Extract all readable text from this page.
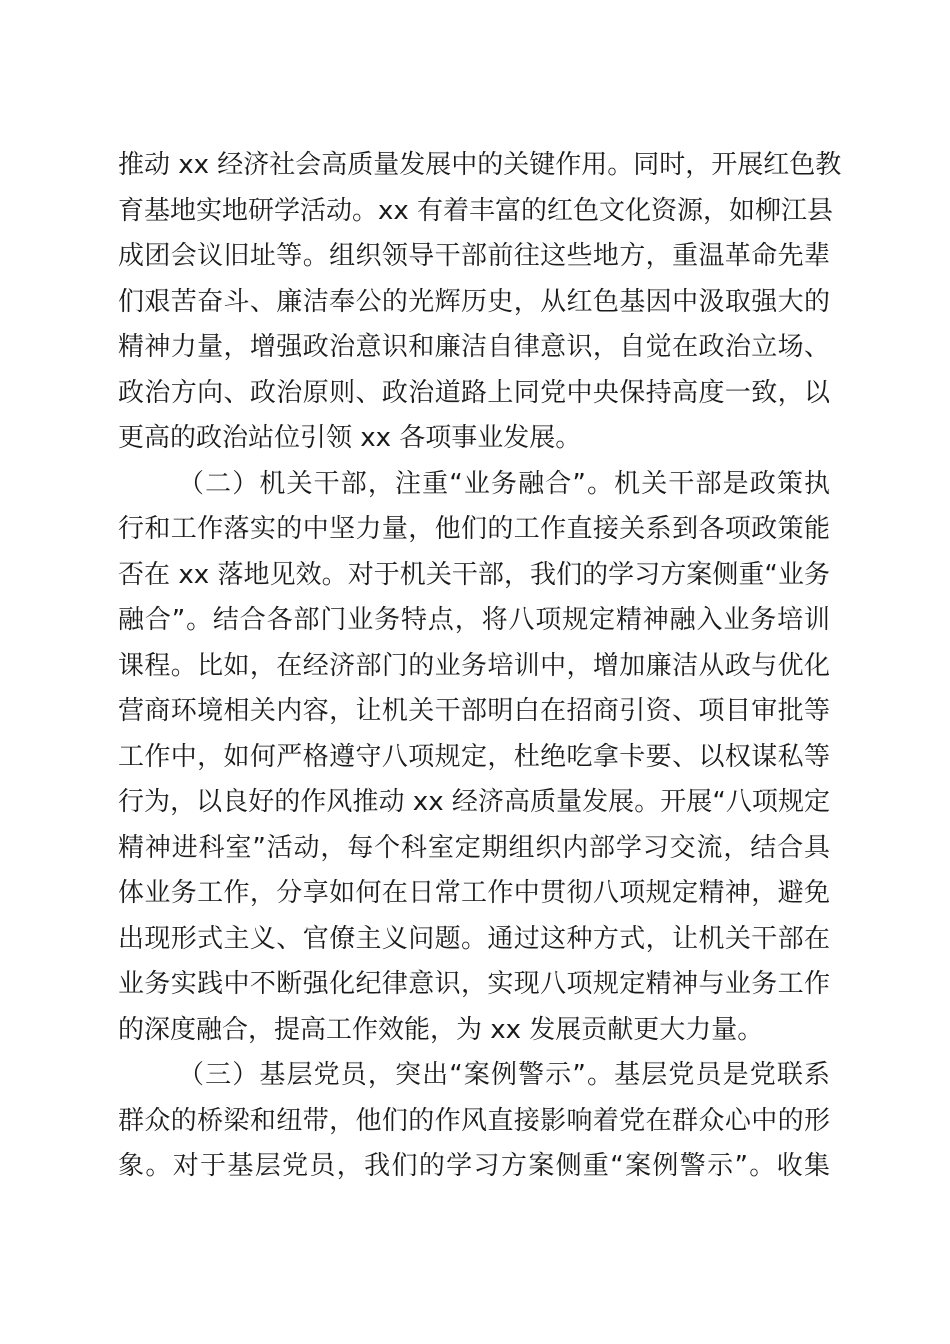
推动 xx 经济社会高质量发展中的关键作用。同时，开展红色教
育基地实地研学活动。xx 有着丰富的红色文化资源，如柳江县
成团会议旧址等。组织领导干部前往这些地方，重温革命先辈
们艰苦奋斗、廉洁奉公的光辉历史，从红色基因中汲取强大的
精神力量，增强政治意识和廉洁自律意识，自觉在政治立场、
政治方向、政治原则、政治道路上同党中央保持高度一致，以
更高的政治站位引领 xx 各项事业发展。
（二）机关干部，注重“业务融合”。机关干部是政策执
行和工作落实的中坚力量，他们的工作直接关系到各项政策能
否在 xx 落地见效。对于机关干部，我们的学习方案侧重“业务
融合”。结合各部门业务特点，将八项规定精神融入业务培训
课程。比如，在经济部门的业务培训中，增加廉洁从政与优化
营商环境相关内容，让机关干部明白在招商引资、项目审批等
工作中，如何严格遵守八项规定，杜绝吃拿卡要、以权谋私等
行为，以良好的作风推动 xx 经济高质量发展。开展“八项规定
精神进科室”活动，每个科室定期组织内部学习交流，结合具
体业务工作，分享如何在日常工作中贯彻八项规定精神，避免
出现形式主义、官僚主义问题。通过这种方式，让机关干部在
业务实践中不断强化纪律意识，实现八项规定精神与业务工作
的深度融合，提高工作效能，为 xx 发展贡献更大力量。
（三）基层党员，突出“案例警示”。基层党员是党联系
群众的桥梁和纽带，他们的作风直接影响着党在群众心中的形
象。对于基层党员，我们的学习方案侧重“案例警示”。收集
